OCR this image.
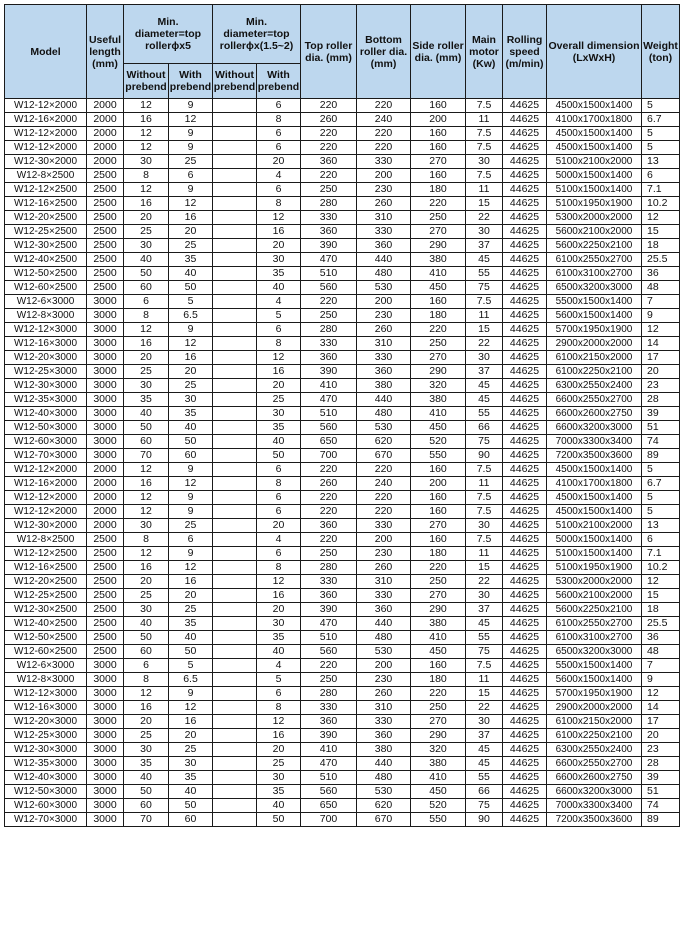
Model	Useful length (mm)	Min. diameter=top rollerϕx5		Min. diameter=top rollerϕx(1.5~2)		Top roller dia. (mm)	Bottom roller dia. (mm)	Side roller dia. (mm)	Main motor (Kw)	Rolling speed (m/min)	Overall dimension (LxWxH)	Weight (ton)
		Without prebend	With prebend	Without prebend	With prebend							
W12-12×2000	2000	12	9		6	220	220	160	7.5	44625	4500x1500x1400	5
W12-16×2000	2000	16	12		8	260	240	200	11	44625	4100x1700x1800	6.7
W12-12×2000	2000	12	9		6	220	220	160	7.5	44625	4500x1500x1400	5
W12-12×2000	2000	12	9		6	220	220	160	7.5	44625	4500x1500x1400	5
W12-30×2000	2000	30	25		20	360	330	270	30	44625	5100x2100x2000	13
W12-8×2500	2500	8	6		4	220	200	160	7.5	44625	5000x1500x1400	6
W12-12×2500	2500	12	9		6	250	230	180	11	44625	5100x1500x1400	7.1
W12-16×2500	2500	16	12		8	280	260	220	15	44625	5100x1950x1900	10.2
W12-20×2500	2500	20	16		12	330	310	250	22	44625	5300x2000x2000	12
W12-25×2500	2500	25	20		16	360	330	270	30	44625	5600x2100x2000	15
W12-30×2500	2500	30	25		20	390	360	290	37	44625	5600x2250x2100	18
W12-40×2500	2500	40	35		30	470	440	380	45	44625	6100x2550x2700	25.5
W12-50×2500	2500	50	40		35	510	480	410	55	44625	6100x3100x2700	36
W12-60×2500	2500	60	50		40	560	530	450	75	44625	6500x3200x3000	48
W12-6×3000	3000	6	5		4	220	200	160	7.5	44625	5500x1500x1400	7
W12-8×3000	3000	8	6.5		5	250	230	180	11	44625	5600x1500x1400	9
W12-12×3000	3000	12	9		6	280	260	220	15	44625	5700x1950x1900	12
W12-16×3000	3000	16	12		8	330	310	250	22	44625	2900x2000x2000	14
W12-20×3000	3000	20	16		12	360	330	270	30	44625	6100x2150x2000	17
W12-25×3000	3000	25	20		16	390	360	290	37	44625	6100x2250x2100	20
W12-30×3000	3000	30	25		20	410	380	320	45	44625	6300x2550x2400	23
W12-35×3000	3000	35	30		25	470	440	380	45	44625	6600x2550x2700	28
W12-40×3000	3000	40	35		30	510	480	410	55	44625	6600x2600x2750	39
W12-50×3000	3000	50	40		35	560	530	450	66	44625	6600x3200x3000	51
W12-60×3000	3000	60	50		40	650	620	520	75	44625	7000x3300x3400	74
W12-70×3000	3000	70	60		50	700	670	550	90	44625	7200x3500x3600	89
W12-12×2000	2000	12	9		6	220	220	160	7.5	44625	4500x1500x1400	5
W12-16×2000	2000	16	12		8	260	240	200	11	44625	4100x1700x1800	6.7
W12-12×2000	2000	12	9		6	220	220	160	7.5	44625	4500x1500x1400	5
W12-12×2000	2000	12	9		6	220	220	160	7.5	44625	4500x1500x1400	5
W12-30×2000	2000	30	25		20	360	330	270	30	44625	5100x2100x2000	13
W12-8×2500	2500	8	6		4	220	200	160	7.5	44625	5000x1500x1400	6
W12-12×2500	2500	12	9		6	250	230	180	11	44625	5100x1500x1400	7.1
W12-16×2500	2500	16	12		8	280	260	220	15	44625	5100x1950x1900	10.2
W12-20×2500	2500	20	16		12	330	310	250	22	44625	5300x2000x2000	12
W12-25×2500	2500	25	20		16	360	330	270	30	44625	5600x2100x2000	15
W12-30×2500	2500	30	25		20	390	360	290	37	44625	5600x2250x2100	18
W12-40×2500	2500	40	35		30	470	440	380	45	44625	6100x2550x2700	25.5
W12-50×2500	2500	50	40		35	510	480	410	55	44625	6100x3100x2700	36
W12-60×2500	2500	60	50		40	560	530	450	75	44625	6500x3200x3000	48
W12-6×3000	3000	6	5		4	220	200	160	7.5	44625	5500x1500x1400	7
W12-8×3000	3000	8	6.5		5	250	230	180	11	44625	5600x1500x1400	9
W12-12×3000	3000	12	9		6	280	260	220	15	44625	5700x1950x1900	12
W12-16×3000	3000	16	12		8	330	310	250	22	44625	2900x2000x2000	14
W12-20×3000	3000	20	16		12	360	330	270	30	44625	6100x2150x2000	17
W12-25×3000	3000	25	20		16	390	360	290	37	44625	6100x2250x2100	20
W12-30×3000	3000	30	25		20	410	380	320	45	44625	6300x2550x2400	23
W12-35×3000	3000	35	30		25	470	440	380	45	44625	6600x2550x2700	28
W12-40×3000	3000	40	35		30	510	480	410	55	44625	6600x2600x2750	39
W12-50×3000	3000	50	40		35	560	530	450	66	44625	6600x3200x3000	51
W12-60×3000	3000	60	50		40	650	620	520	75	44625	7000x3300x3400	74
W12-70×3000	3000	70	60		50	700	670	550	90	44625	7200x3500x3600	89
